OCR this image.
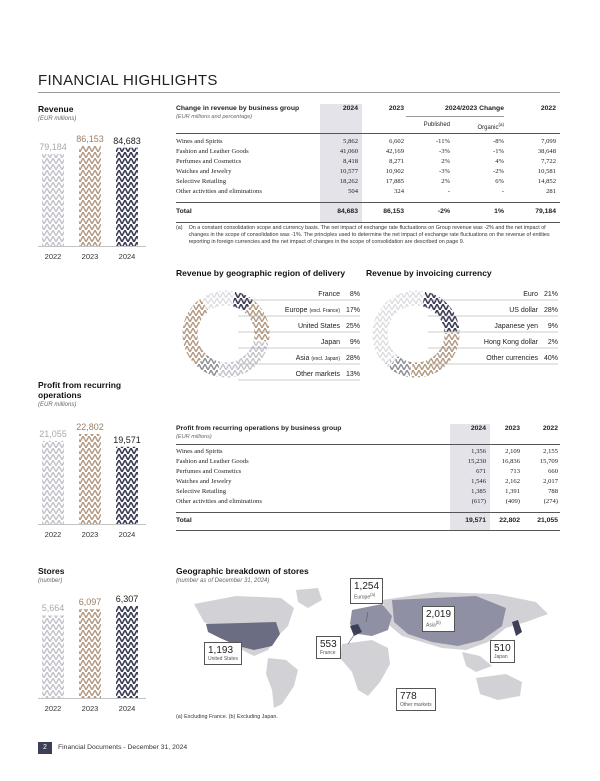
FINANCIAL HIGHLIGHTS
Revenue
(EUR millions)
79,184
2022
86,153
2023
84,683
2024
Profit from recurring operations
(EUR millions)
21,055
2022
22,802
2023
19,571
2024
Stores
(number)
5,664
2022
6,097
2023
6,307
2024
Change in revenue by business group
(EUR millions and percentage)
2024	2023	2024/2023 Change	2022
Published	Organic$^{(a)}$
Wines and Spirits	5,862	6,602	-11%	-8%	7,099
Fashion and Leather Goods	41,060	42,169	-3%	-1%	38,648
Perfumes and Cosmetics	8,418	8,271	2%	4%	7,722
Watches and Jewelry	10,577	10,902	-3%	-2%	10,581
Selective Retailing	18,262	17,885	2%	6%	14,852
Other activities and eliminations	504	324	-	-	281
Total	84,683	86,153	-2%	1%	79,184
(a) On a constant consolidation scope and currency basis. The net impact of exchange rate fluctuations on Group revenue was -2% and the net impact of changes in the scope of consolidation was -1%. The principles used to determine the net impact of exchange rate fluctuations on the revenue of entities reporting in foreign currencies and the net impact of changes in the scope of consolidation are described on page 9.
Revenue by geographic region of delivery
France 8%
Europe (excl. France) 17%
United States 25%
Japan 9%
Asia (excl. Japan) 28%
Other markets 13%
Revenue by invoicing currency
Euro 21%
US dollar 28%
Japanese yen 9%
Hong Kong dollar 2%
Other currencies 40%
Profit from recurring operations by business group
(EUR millions)
2024	2023	2022
Wines and Spirits	1,356	2,109	2,155
Fashion and Leather Goods	15,230	16,836	15,709
Perfumes and Cosmetics	671	713	660
Watches and Jewelry	1,546	2,162	2,017
Selective Retailing	1,385	1,391	788
Other activities and eliminations	(617)	(409)	(274)
Total	19,571	22,802	21,055
Geographic breakdown of stores
(number as of December 31, 2024)	1,254
Europe$^{(a)}$
2,019
Asia$^{(b)}$
1,193
United States
553
France	510
Japan
778
Other markets
(a) Excluding France. (b) Excluding Japan.
2 Financial Documents - December 31, 2024
